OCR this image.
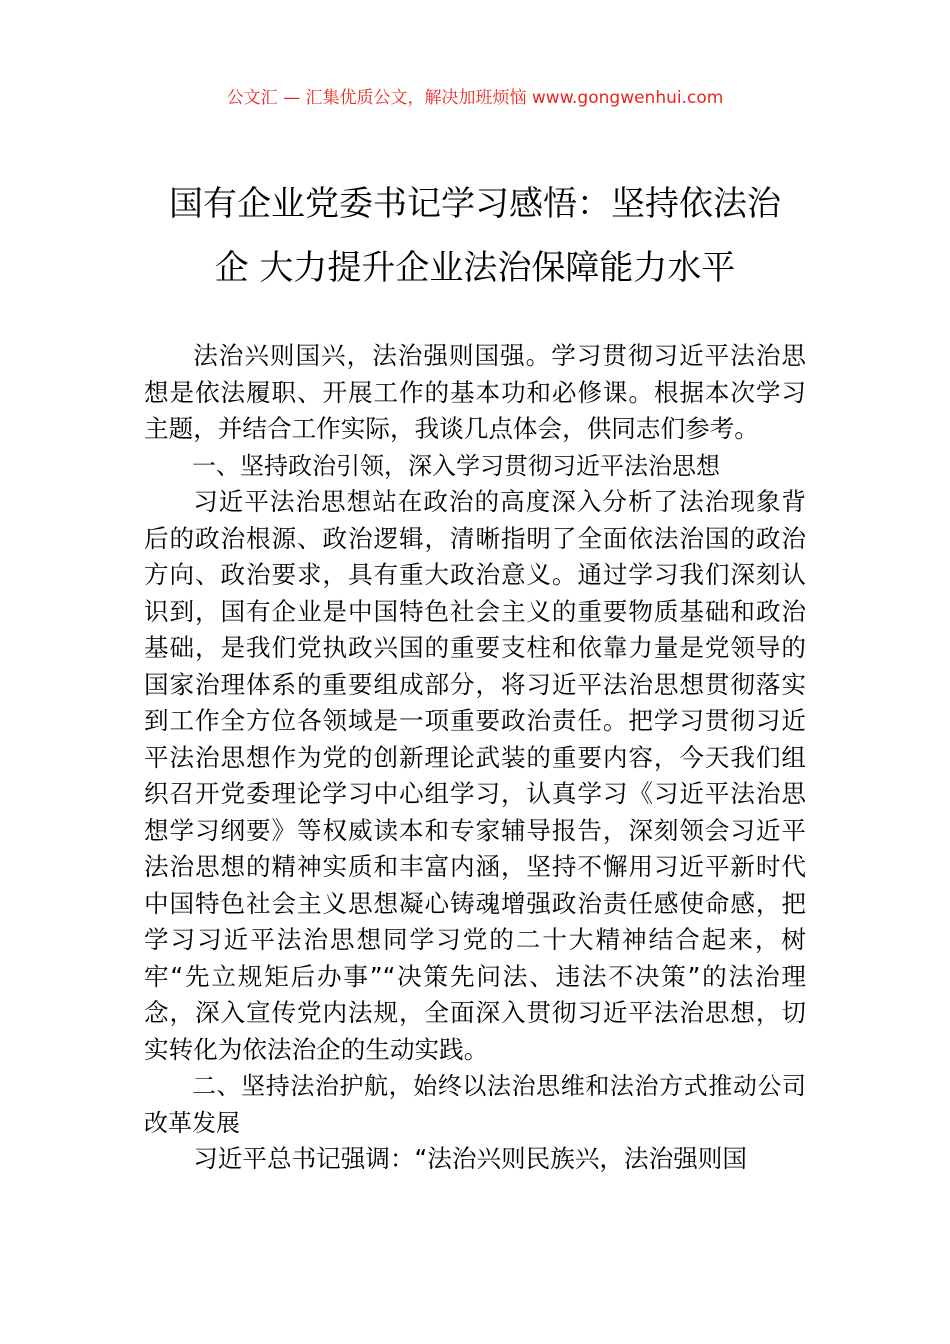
公文汇 — 汇集优质公文，解决加班烦恼 www.gongwenhui.com
国有企业党委书记学习感悟：坚持依法治
企 大力提升企业法治保障能力水平

法治兴则国兴，法治强则国强。学习贯彻习近平法治思想是依法履职、开展工作的基本功和必修课。根据本次学习主题，并结合工作实际，我谈几点体会，供同志们参考。

一、坚持政治引领，深入学习贯彻习近平法治思想

习近平法治思想站在政治的高度深入分析了法治现象背后的政治根源、政治逻辑，清晰指明了全面依法治国的政治方向、政治要求，具有重大政治意义。通过学习我们深刻认识到，国有企业是中国特色社会主义的重要物质基础和政治基础，是我们党执政兴国的重要支柱和依靠力量是党领导的国家治理体系的重要组成部分，将习近平法治思想贯彻落实到工作全方位各领域是一项重要政治责任。把学习贯彻习近平法治思想作为党的创新理论武装的重要内容，今天我们组织召开党委理论学习中心组学习，认真学习《习近平法治思想学习纲要》等权威读本和专家辅导报告，深刻领会习近平法治思想的精神实质和丰富内涵，坚持不懈用习近平新时代中国特色社会主义思想凝心铸魂增强政治责任感使命感，把学习习近平法治思想同学习党的二十大精神结合起来，树牢“先立规矩后办事”“决策先问法、违法不决策”的法治理念，深入宣传党内法规，全面深入贯彻习近平法治思想，切实转化为依法治企的生动实践。

二、坚持法治护航，始终以法治思维和法治方式推动公司改革发展

习近平总书记强调：“法治兴则民族兴，法治强则国
